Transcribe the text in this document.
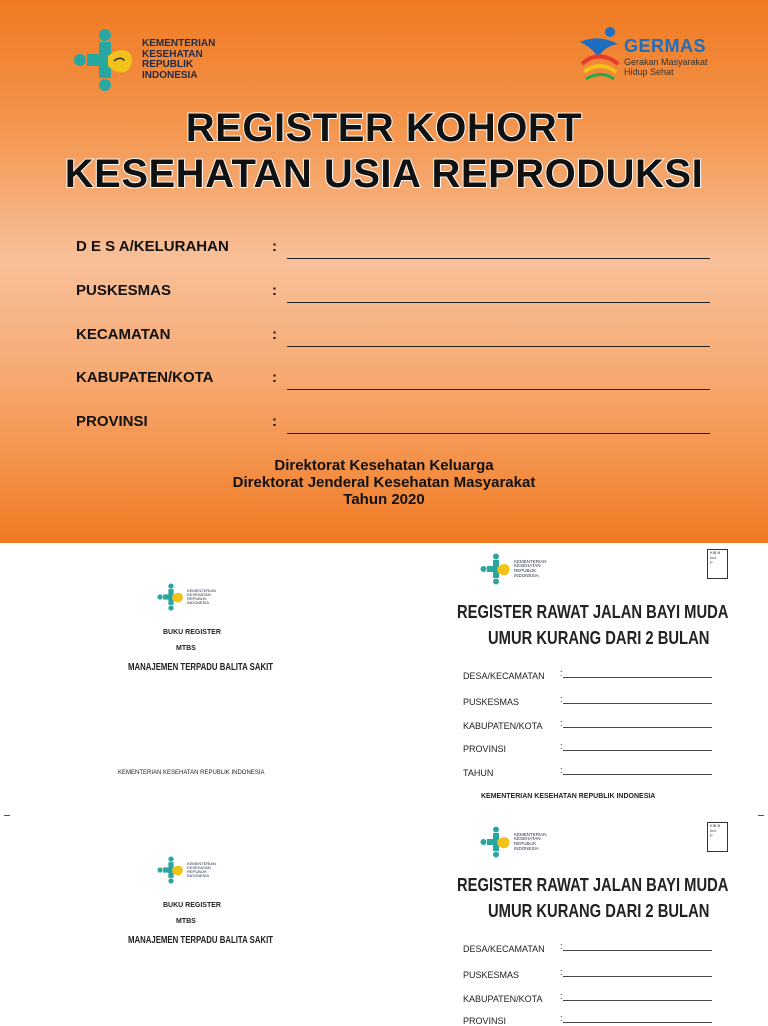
KEMENTERIAN
KESEHATAN
REPUBLIK
INDONESIA
GERMAS
Gerakan Masyarakat
Hidup Sehat
REGISTER KOHORT
KESEHATAN USIA REPRODUKSI
D E S A/KELURAHAN	:
PUSKESMAS	:
KECAMATAN	:
KABUPATEN/KOTA	:
PROVINSI	:
Direktorat Kesehatan Keluarga
Direktorat Jenderal Kesehatan Masyarakat
Tahun 2020
KEMENTERIAN
KESEHATAN
REPUBLIK
INDONESIA
BUKU REGISTER
MTBS
MANAJEMEN TERPADU BALITA SAKIT
KEMENTERIAN KESEHATAN REPUBLIK INDONESIA
KEMENTERIAN
KESEHATAN
REPUBLIK
INDONESIA
KIB B
Ind.
P
REGISTER RAWAT JALAN BAYI MUDA
UMUR KURANG DARI 2 BULAN
DESA/KECAMATAN :
PUSKESMAS	:
KABUPATEN/KOTA :
PROVINSI	:
TAHUN	:
KEMENTERIAN KESEHATAN REPUBLIK INDONESIA
KEMENTERIAN
KESEHATAN
REPUBLIK
INDONESIA
BUKU REGISTER
MTBS
MANAJEMEN TERPADU BALITA SAKIT
KEMENTERIAN
KESEHATAN
REPUBLIK
INDONESIA
KIB B
Ind.
P
REGISTER RAWAT JALAN BAYI MUDA
UMUR KURANG DARI 2 BULAN
DESA/KECAMATAN :
PUSKESMAS	:
KABUPATEN/KOTA :
PROVINSI	:
